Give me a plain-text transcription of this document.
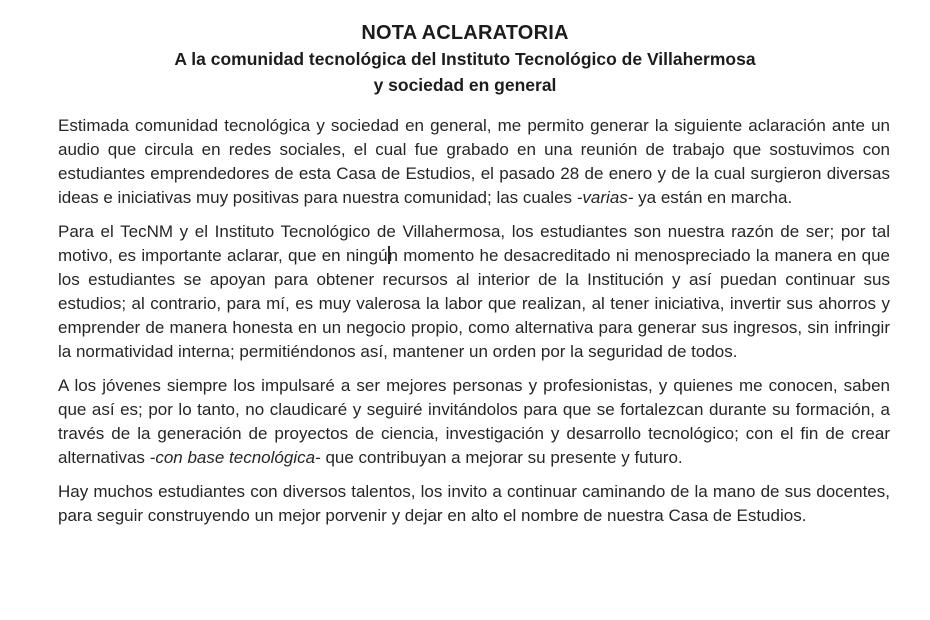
NOTA ACLARATORIA

A la comunidad tecnológica del Instituto Tecnológico de Villahermosa

y sociedad en general

Estimada comunidad tecnológica y sociedad en general, me permito generar la siguiente aclaración ante un audio que circula en redes sociales, el cual fue grabado en una reunión de trabajo que sostuvimos con estudiantes emprendedores de esta Casa de Estudios, el pasado 28 de enero y de la cual surgieron diversas ideas e iniciativas muy positivas para nuestra comunidad; las cuales -varias- ya están en marcha.

Para el TecNM y el Instituto Tecnológico de Villahermosa, los estudiantes son nuestra razón de ser; por tal motivo, es importante aclarar, que en ningún momento he desacreditado ni menospreciado la manera en que los estudiantes se apoyan para obtener recursos al interior de la Institución y así puedan continuar sus estudios; al contrario, para mí, es muy valerosa la labor que realizan, al tener iniciativa, invertir sus ahorros y emprender de manera honesta en un negocio propio, como alternativa para generar sus ingresos, sin infringir la normatividad interna; permitiéndonos así, mantener un orden por la seguridad de todos.

A los jóvenes siempre los impulsaré a ser mejores personas y profesionistas, y quienes me conocen, saben que así es; por lo tanto, no claudicaré y seguiré invitándolos para que se fortalezcan durante su formación, a través de la generación de proyectos de ciencia, investigación y desarrollo tecnológico; con el fin de crear alternativas -con base tecnológica- que contribuyan a mejorar su presente y futuro.

Hay muchos estudiantes con diversos talentos, los invito a continuar caminando de la mano de sus docentes, para seguir construyendo un mejor porvenir y dejar en alto el nombre de nuestra Casa de Estudios.
